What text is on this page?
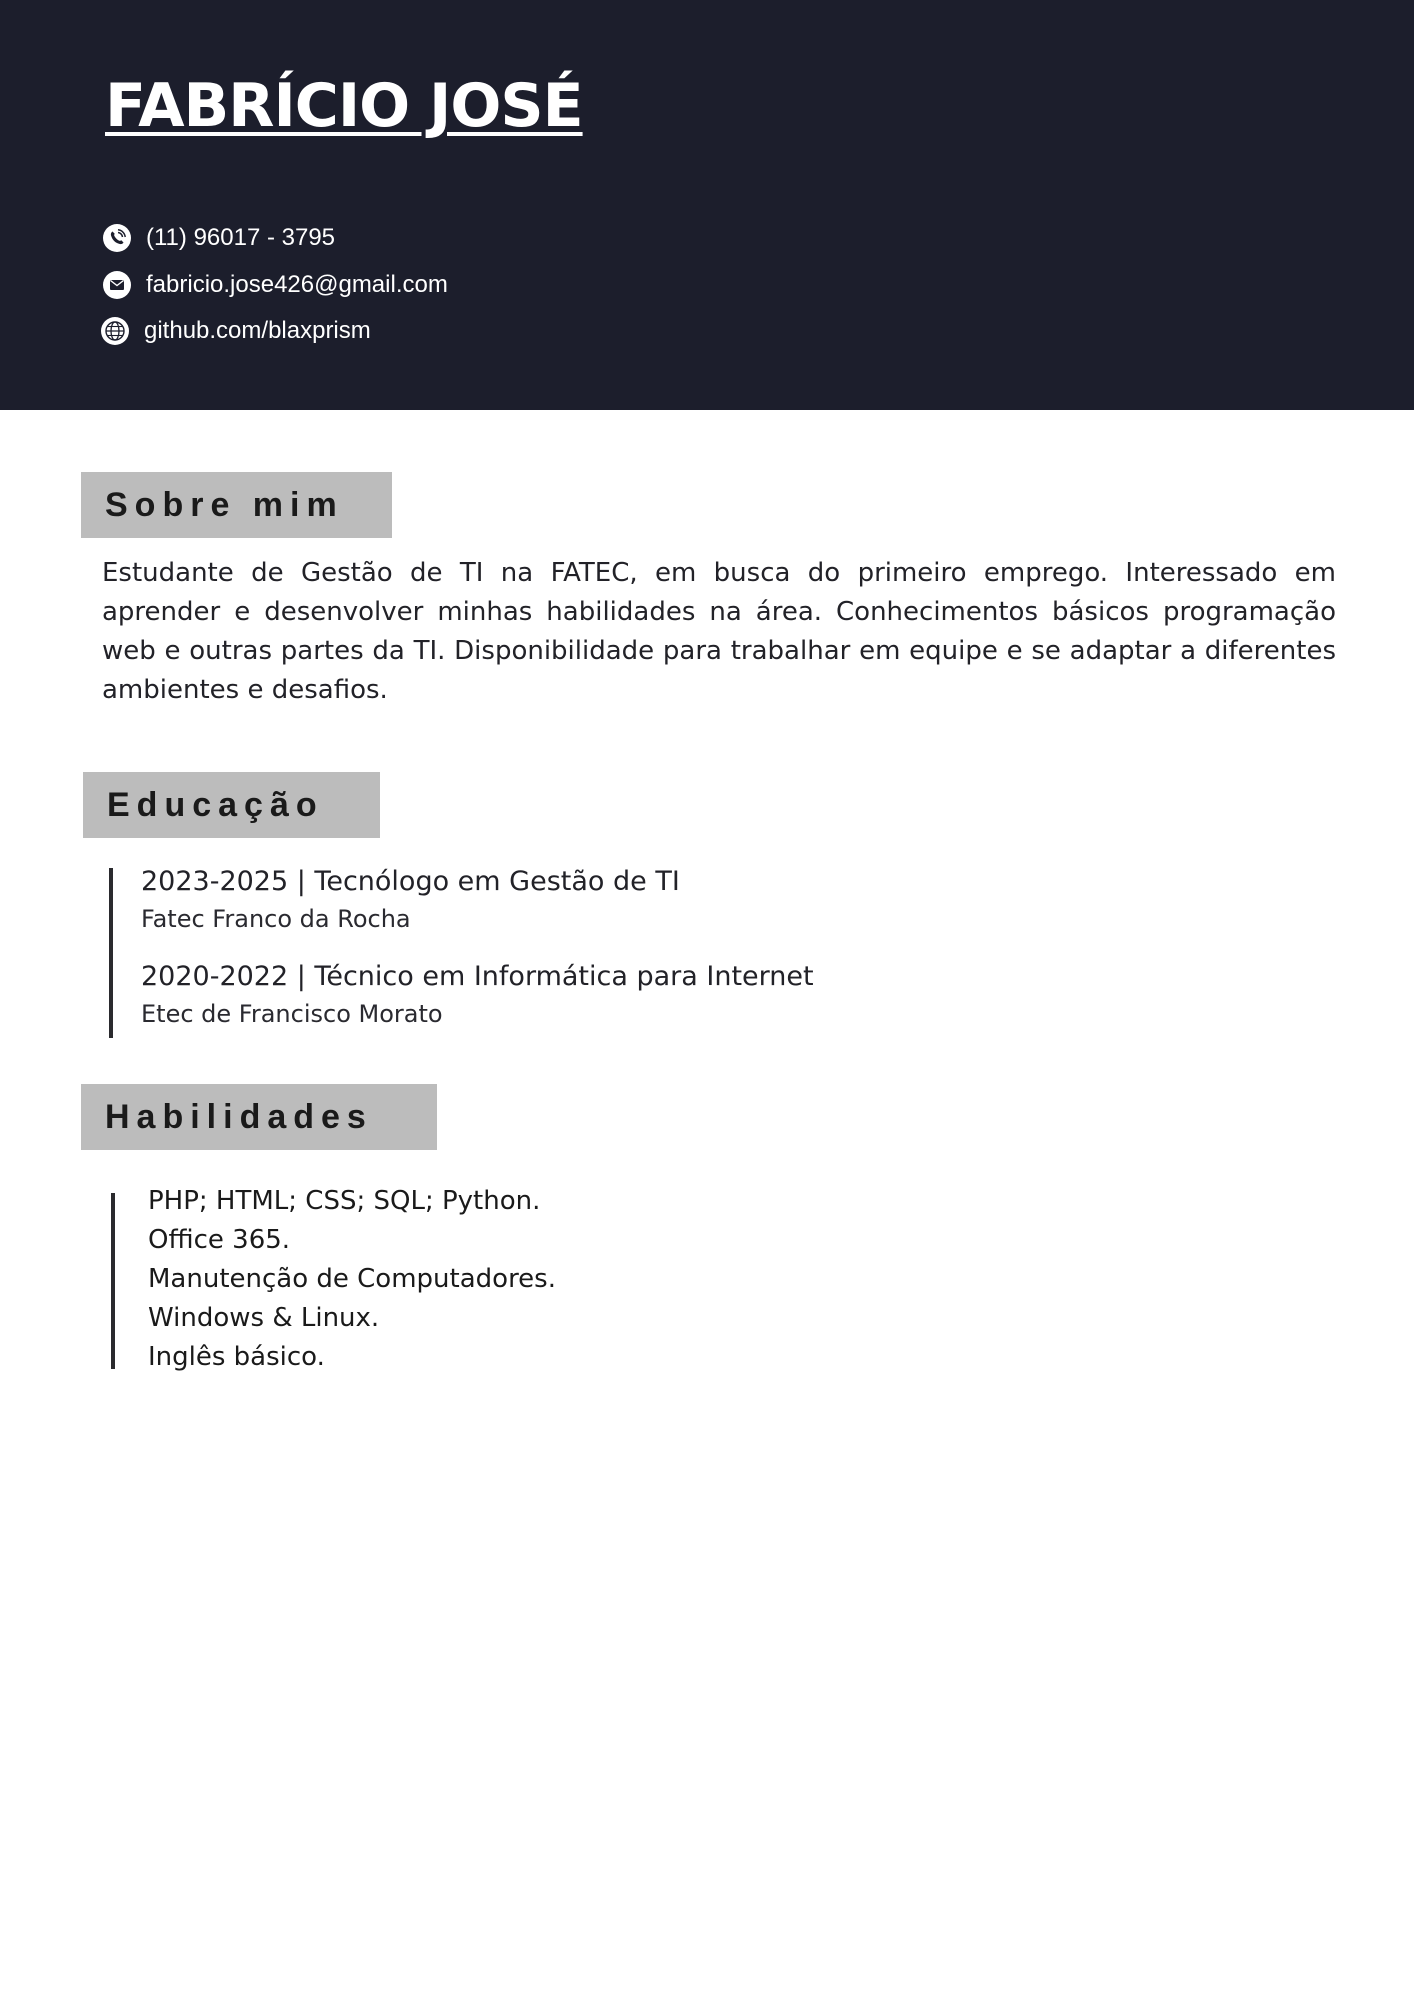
FABRÍCIO JOSÉ
(11) 96017 - 3795
fabricio.jose426@gmail.com
github.com/blaxprism
Sobre mim

Estudante de Gestão de TI na FATEC, em busca do primeiro emprego. Interessado em aprender e desenvolver minhas habilidades na área. Conhecimentos básicos programação web e outras partes da TI. Disponibilidade para trabalhar em equipe e se adaptar a diferentes ambientes e desafios.

Educação
2023-2025 | Tecnólogo em Gestão de TI
Fatec Franco da Rocha
2020-2022 | Técnico em Informática para Internet
Etec de Francisco Morato
Habilidades
PHP; HTML; CSS; SQL; Python.
Office 365.
Manutenção de Computadores.
Windows & Linux.
Inglês básico.
